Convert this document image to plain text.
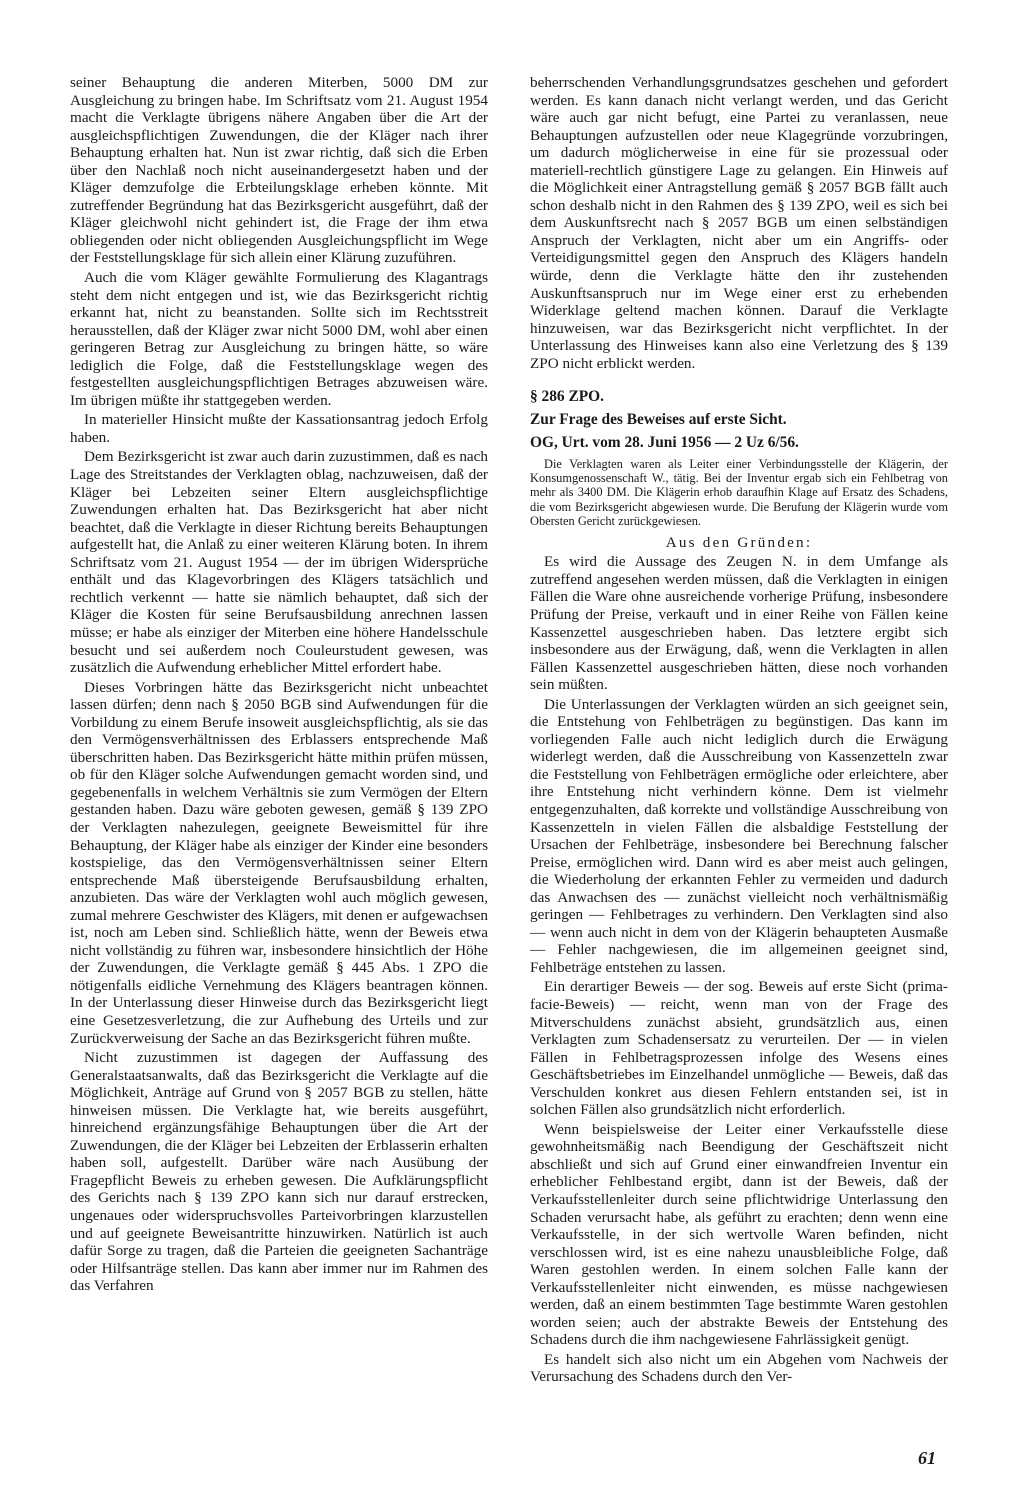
seiner Behauptung die anderen Miterben, 5000 DM zur Ausgleichung zu bringen habe. Im Schriftsatz vom 21. August 1954 macht die Verklagte übrigens nähere Angaben über die Art der ausgleichspflichtigen Zuwendungen, die der Kläger nach ihrer Behauptung erhalten hat. Nun ist zwar richtig, daß sich die Erben über den Nachlaß noch nicht auseinandergesetzt haben und der Kläger demzufolge die Erbteilungsklage erheben könnte. Mit zutreffender Begründung hat das Bezirksgericht ausgeführt, daß der Kläger gleichwohl nicht gehindert ist, die Frage der ihm etwa obliegenden oder nicht obliegenden Ausgleichungspflicht im Wege der Feststellungsklage für sich allein einer Klärung zuzuführen.

Auch die vom Kläger gewählte Formulierung des Klagantrags steht dem nicht entgegen und ist, wie das Bezirksgericht richtig erkannt hat, nicht zu beanstanden. Sollte sich im Rechtsstreit herausstellen, daß der Kläger zwar nicht 5000 DM, wohl aber einen geringeren Betrag zur Ausgleichung zu bringen hätte, so wäre lediglich die Folge, daß die Feststellungsklage wegen des festgestellten ausgleichungspflichtigen Betrages abzuweisen wäre. Im übrigen müßte ihr stattgegeben werden.

In materieller Hinsicht mußte der Kassationsantrag jedoch Erfolg haben.

Dem Bezirksgericht ist zwar auch darin zuzustimmen, daß es nach Lage des Streitstandes der Verklagten oblag, nachzuweisen, daß der Kläger bei Lebzeiten seiner Eltern ausgleichspflichtige Zuwendungen erhalten hat. Das Bezirksgericht hat aber nicht beachtet, daß die Verklagte in dieser Richtung bereits Behauptungen aufgestellt hat, die Anlaß zu einer weiteren Klärung boten. In ihrem Schriftsatz vom 21. August 1954 — der im übrigen Widersprüche enthält und das Klagevorbringen des Klägers tatsächlich und rechtlich verkennt — hatte sie nämlich behauptet, daß sich der Kläger die Kosten für seine Berufsausbildung anrechnen lassen müsse; er habe als einziger der Miterben eine höhere Handelsschule besucht und sei außerdem noch Couleurstudent gewesen, was zusätzlich die Aufwendung erheblicher Mittel erfordert habe.

Dieses Vorbringen hätte das Bezirksgericht nicht unbeachtet lassen dürfen; denn nach § 2050 BGB sind Aufwendungen für die Vorbildung zu einem Berufe insoweit ausgleichspflichtig, als sie das den Vermögensverhältnissen des Erblassers entsprechende Maß überschritten haben. Das Bezirksgericht hätte mithin prüfen müssen, ob für den Kläger solche Aufwendungen gemacht worden sind, und gegebenenfalls in welchem Verhältnis sie zum Vermögen der Eltern gestanden haben. Dazu wäre geboten gewesen, gemäß § 139 ZPO der Verklagten nahezulegen, geeignete Beweismittel für ihre Behauptung, der Kläger habe als einziger der Kinder eine besonders kostspielige, das den Vermögensverhältnissen seiner Eltern entsprechende Maß übersteigende Berufsausbildung erhalten, anzubieten. Das wäre der Verklagten wohl auch möglich gewesen, zumal mehrere Geschwister des Klägers, mit denen er aufgewachsen ist, noch am Leben sind. Schließlich hätte, wenn der Beweis etwa nicht vollständig zu führen war, insbesondere hinsichtlich der Höhe der Zuwendungen, die Verklagte gemäß § 445 Abs. 1 ZPO die nötigenfalls eidliche Vernehmung des Klägers beantragen können. In der Unterlassung dieser Hinweise durch das Bezirksgericht liegt eine Gesetzesverletzung, die zur Aufhebung des Urteils und zur Zurückverweisung der Sache an das Bezirksgericht führen mußte.

Nicht zuzustimmen ist dagegen der Auffassung des Generalstaatsanwalts, daß das Bezirksgericht die Verklagte auf die Möglichkeit, Anträge auf Grund von § 2057 BGB zu stellen, hätte hinweisen müssen. Die Verklagte hat, wie bereits ausgeführt, hinreichend ergänzungsfähige Behauptungen über die Art der Zuwendungen, die der Kläger bei Lebzeiten der Erblasserin erhalten haben soll, aufgestellt. Darüber wäre nach Ausübung der Fragepflicht Beweis zu erheben gewesen. Die Aufklärungspflicht des Gerichts nach § 139 ZPO kann sich nur darauf erstrecken, ungenaues oder widerspruchsvolles Parteivorbringen klarzustellen und auf geeignete Beweisantritte hinzuwirken. Natürlich ist auch dafür Sorge zu tragen, daß die Parteien die geeigneten Sachanträge oder Hilfsanträge stellen. Das kann aber immer nur im Rahmen des das Verfahren

beherrschenden Verhandlungsgrundsatzes geschehen und gefordert werden. Es kann danach nicht verlangt werden, und das Gericht wäre auch gar nicht befugt, eine Partei zu veranlassen, neue Behauptungen aufzustellen oder neue Klagegründe vorzubringen, um dadurch möglicherweise in eine für sie prozessual oder materiell-rechtlich günstigere Lage zu gelangen. Ein Hinweis auf die Möglichkeit einer Antragstellung gemäß § 2057 BGB fällt auch schon deshalb nicht in den Rahmen des § 139 ZPO, weil es sich bei dem Auskunftsrecht nach § 2057 BGB um einen selbständigen Anspruch der Verklagten, nicht aber um ein Angriffs- oder Verteidigungsmittel gegen den Anspruch des Klägers handeln würde, denn die Verklagte hätte den ihr zustehenden Auskunftsanspruch nur im Wege einer erst zu erhebenden Widerklage geltend machen können. Darauf die Verklagte hinzuweisen, war das Bezirksgericht nicht verpflichtet. In der Unterlassung des Hinweises kann also eine Verletzung des § 139 ZPO nicht erblickt werden.

§ 286 ZPO.

Zur Frage des Beweises auf erste Sicht.

OG, Urt. vom 28. Juni 1956 — 2 Uz 6/56.

Die Verklagten waren als Leiter einer Verbindungsstelle der Klägerin, der Konsumgenossenschaft W., tätig. Bei der Inventur ergab sich ein Fehlbetrag von mehr als 3400 DM. Die Klägerin erhob daraufhin Klage auf Ersatz des Schadens, die vom Bezirksgericht abgewiesen wurde. Die Berufung der Klägerin wurde vom Obersten Gericht zurückgewiesen.

Aus den Gründen:

Es wird die Aussage des Zeugen N. in dem Umfange als zutreffend angesehen werden müssen, daß die Verklagten in einigen Fällen die Ware ohne ausreichende vorherige Prüfung, insbesondere Prüfung der Preise, verkauft und in einer Reihe von Fällen keine Kassenzettel ausgeschrieben haben. Das letztere ergibt sich insbesondere aus der Erwägung, daß, wenn die Verklagten in allen Fällen Kassenzettel ausgeschrieben hätten, diese noch vorhanden sein müßten.

Die Unterlassungen der Verklagten würden an sich geeignet sein, die Entstehung von Fehlbeträgen zu begünstigen. Das kann im vorliegenden Falle auch nicht lediglich durch die Erwägung widerlegt werden, daß die Ausschreibung von Kassenzetteln zwar die Feststellung von Fehlbeträgen ermögliche oder erleichtere, aber ihre Entstehung nicht verhindern könne. Dem ist vielmehr entgegenzuhalten, daß korrekte und vollständige Ausschreibung von Kassenzetteln in vielen Fällen die alsbaldige Feststellung der Ursachen der Fehlbeträge, insbesondere bei Berechnung falscher Preise, ermöglichen wird. Dann wird es aber meist auch gelingen, die Wiederholung der erkannten Fehler zu vermeiden und dadurch das Anwachsen des — zunächst vielleicht noch verhältnismäßig geringen — Fehlbetrages zu verhindern. Den Verklagten sind also — wenn auch nicht in dem von der Klägerin behaupteten Ausmaße — Fehler nachgewiesen, die im allgemeinen geeignet sind, Fehlbeträge entstehen zu lassen.

Ein derartiger Beweis — der sog. Beweis auf erste Sicht (prima-facie-Beweis) — reicht, wenn man von der Frage des Mitverschuldens zunächst absieht, grundsätzlich aus, einen Verklagten zum Schadensersatz zu verurteilen. Der — in vielen Fällen in Fehlbetragsprozessen infolge des Wesens eines Geschäftsbetriebes im Einzelhandel unmögliche — Beweis, daß das Verschulden konkret aus diesen Fehlern entstanden sei, ist in solchen Fällen also grundsätzlich nicht erforderlich.

Wenn beispielsweise der Leiter einer Verkaufsstelle diese gewohnheitsmäßig nach Beendigung der Geschäftszeit nicht abschließt und sich auf Grund einer einwandfreien Inventur ein erheblicher Fehlbestand ergibt, dann ist der Beweis, daß der Verkaufsstellenleiter durch seine pflichtwidrige Unterlassung den Schaden verursacht habe, als geführt zu erachten; denn wenn eine Verkaufsstelle, in der sich wertvolle Waren befinden, nicht verschlossen wird, ist es eine nahezu unausbleibliche Folge, daß Waren gestohlen werden. In einem solchen Falle kann der Verkaufsstellenleiter nicht einwenden, es müsse nachgewiesen werden, daß an einem bestimmten Tage bestimmte Waren gestohlen worden seien; auch der abstrakte Beweis der Entstehung des Schadens durch die ihm nachgewiesene Fahrlässigkeit genügt.

Es handelt sich also nicht um ein Abgehen vom Nachweis der Verursachung des Schadens durch den Ver-

61
